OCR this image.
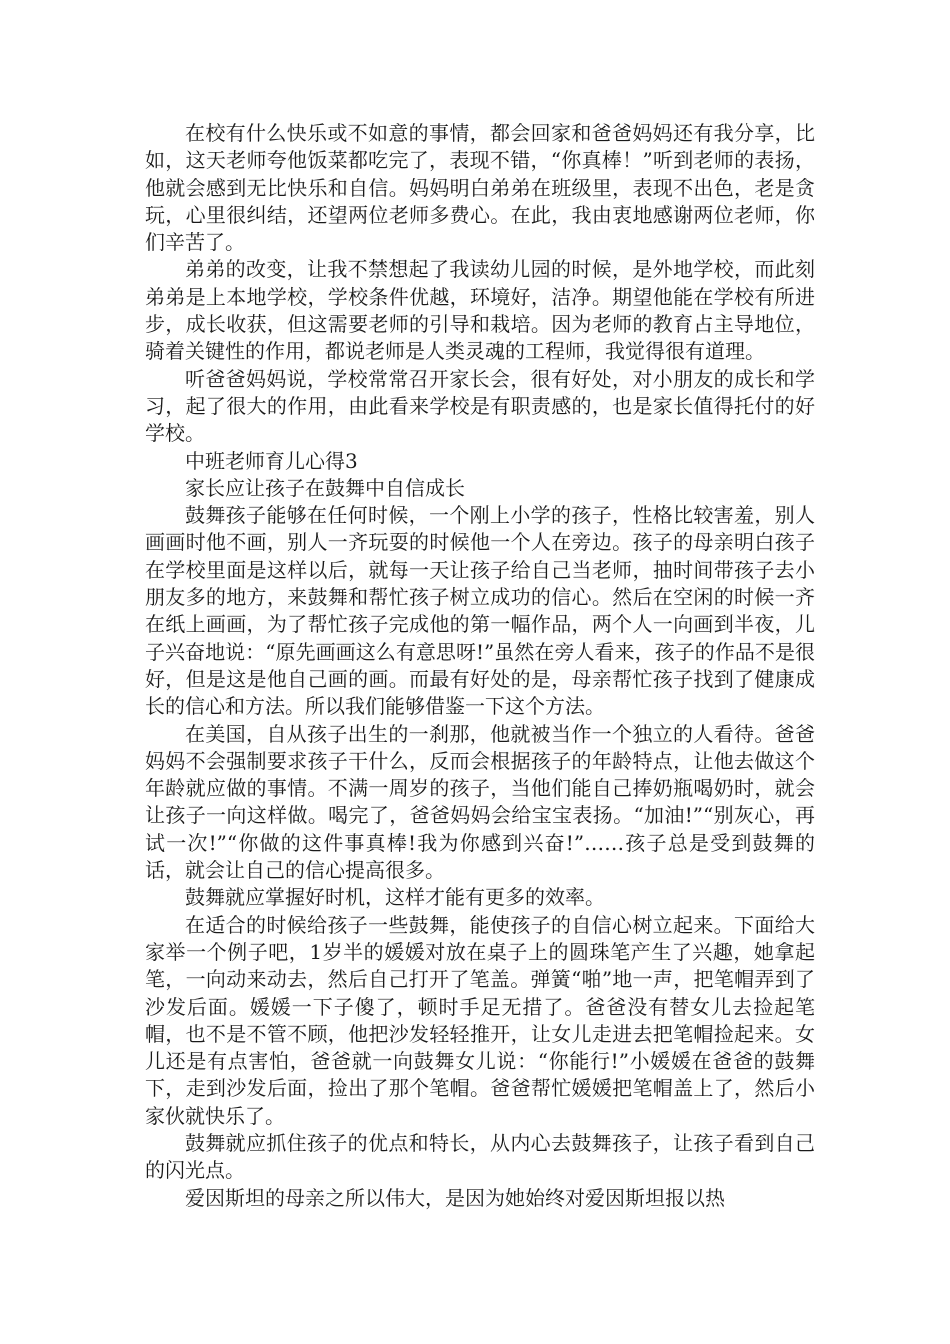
在校有什么快乐或不如意的事情，都会回家和爸爸妈妈还有我分享，比如，这天老师夸他饭菜都吃完了，表现不错，“你真棒！”听到老师的表扬，他就会感到无比快乐和自信。妈妈明白弟弟在班级里，表现不出色，老是贪玩，心里很纠结，还望两位老师多费心。在此，我由衷地感谢两位老师，你们辛苦了。

弟弟的改变，让我不禁想起了我读幼儿园的时候，是外地学校，而此刻弟弟是上本地学校，学校条件优越，环境好，洁净。期望他能在学校有所进步，成长收获，但这需要老师的引导和栽培。因为老师的教育占主导地位，骑着关键性的作用，都说老师是人类灵魂的工程师，我觉得很有道理。

听爸爸妈妈说，学校常常召开家长会，很有好处，对小朋友的成长和学习，起了很大的作用，由此看来学校是有职责感的，也是家长值得托付的好学校。

中班老师育儿心得3

家长应让孩子在鼓舞中自信成长

鼓舞孩子能够在任何时候，一个刚上小学的孩子，性格比较害羞，别人画画时他不画，别人一齐玩耍的时候他一个人在旁边。孩子的母亲明白孩子在学校里面是这样以后，就每一天让孩子给自己当老师，抽时间带孩子去小朋友多的地方，来鼓舞和帮忙孩子树立成功的信心。然后在空闲的时候一齐在纸上画画，为了帮忙孩子完成他的第一幅作品，两个人一向画到半夜，儿子兴奋地说：“原先画画这么有意思呀!”虽然在旁人看来，孩子的作品不是很好，但是这是他自己画的画。而最有好处的是，母亲帮忙孩子找到了健康成长的信心和方法。所以我们能够借鉴一下这个方法。

在美国，自从孩子出生的一刹那，他就被当作一个独立的人看待。爸爸妈妈不会强制要求孩子干什么，反而会根据孩子的年龄特点，让他去做这个年龄就应做的事情。不满一周岁的孩子，当他们能自己捧奶瓶喝奶时，就会让孩子一向这样做。喝完了，爸爸妈妈会给宝宝表扬。“加油!”“别灰心，再试一次!”“你做的这件事真棒!我为你感到兴奋!”……孩子总是受到鼓舞的话，就会让自己的信心提高很多。

鼓舞就应掌握好时机，这样才能有更多的效率。

在适合的时候给孩子一些鼓舞，能使孩子的自信心树立起来。下面给大家举一个例子吧，1岁半的媛媛对放在桌子上的圆珠笔产生了兴趣，她拿起笔，一向动来动去，然后自己打开了笔盖。弹簧“啪”地一声，把笔帽弄到了沙发后面。媛媛一下子傻了，顿时手足无措了。爸爸没有替女儿去捡起笔帽，也不是不管不顾，他把沙发轻轻推开，让女儿走进去把笔帽捡起来。女儿还是有点害怕，爸爸就一向鼓舞女儿说：“你能行!”小媛媛在爸爸的鼓舞下，走到沙发后面，捡出了那个笔帽。爸爸帮忙媛媛把笔帽盖上了，然后小家伙就快乐了。

鼓舞就应抓住孩子的优点和特长，从内心去鼓舞孩子，让孩子看到自己的闪光点。

爱因斯坦的母亲之所以伟大，是因为她始终对爱因斯坦报以热
